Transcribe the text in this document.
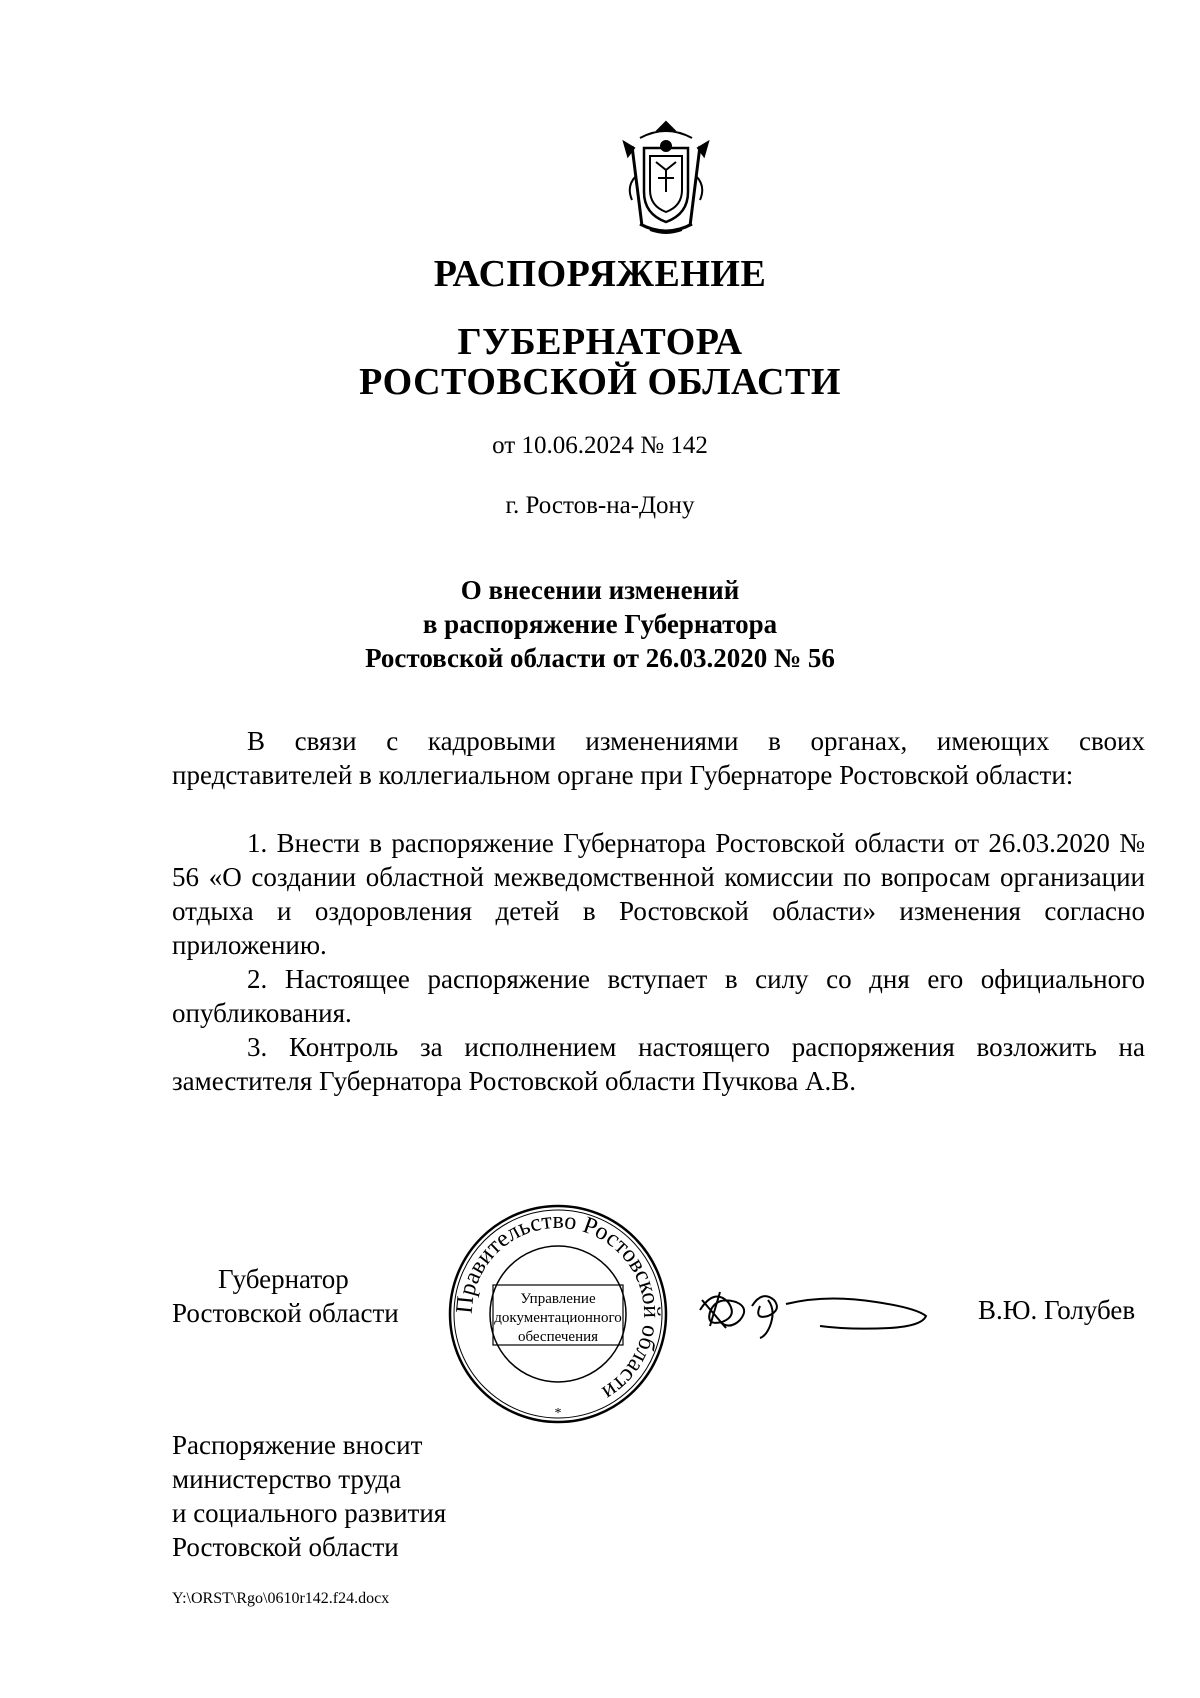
РАСПОРЯЖЕНИЕ
ГУБЕРНАТОРА
РОСТОВСКОЙ ОБЛАСТИ
от 10.06.2024 № 142
г. Ростов-на-Дону
О внесении изменений
в распоряжение Губернатора
Ростовской области от 26.03.2020 № 56

В связи с кадровыми изменениями в органах, имеющих своих представителей в коллегиальном органе при Губернаторе Ростовской области:

1. Внести в распоряжение Губернатора Ростовской области от 26.03.2020 № 56 «О создании областной межведомственной комиссии по вопросам организации отдыха и оздоровления детей в Ростовской области» изменения согласно приложению.

2. Настоящее распоряжение вступает в силу со дня его официального опубликования.

3. Контроль за исполнением настоящего распоряжения возложить на заместителя Губернатора Ростовской области Пучкова А.В.

Губернатор
Ростовской области Правительство Ростовской области
Управление
документационного
обеспечения
*
В.Ю. Голубев
Распоряжение вносит
министерство труда
и социального развития
Ростовской области
Y:\ORST\Rgo\0610r142.f24.docx
